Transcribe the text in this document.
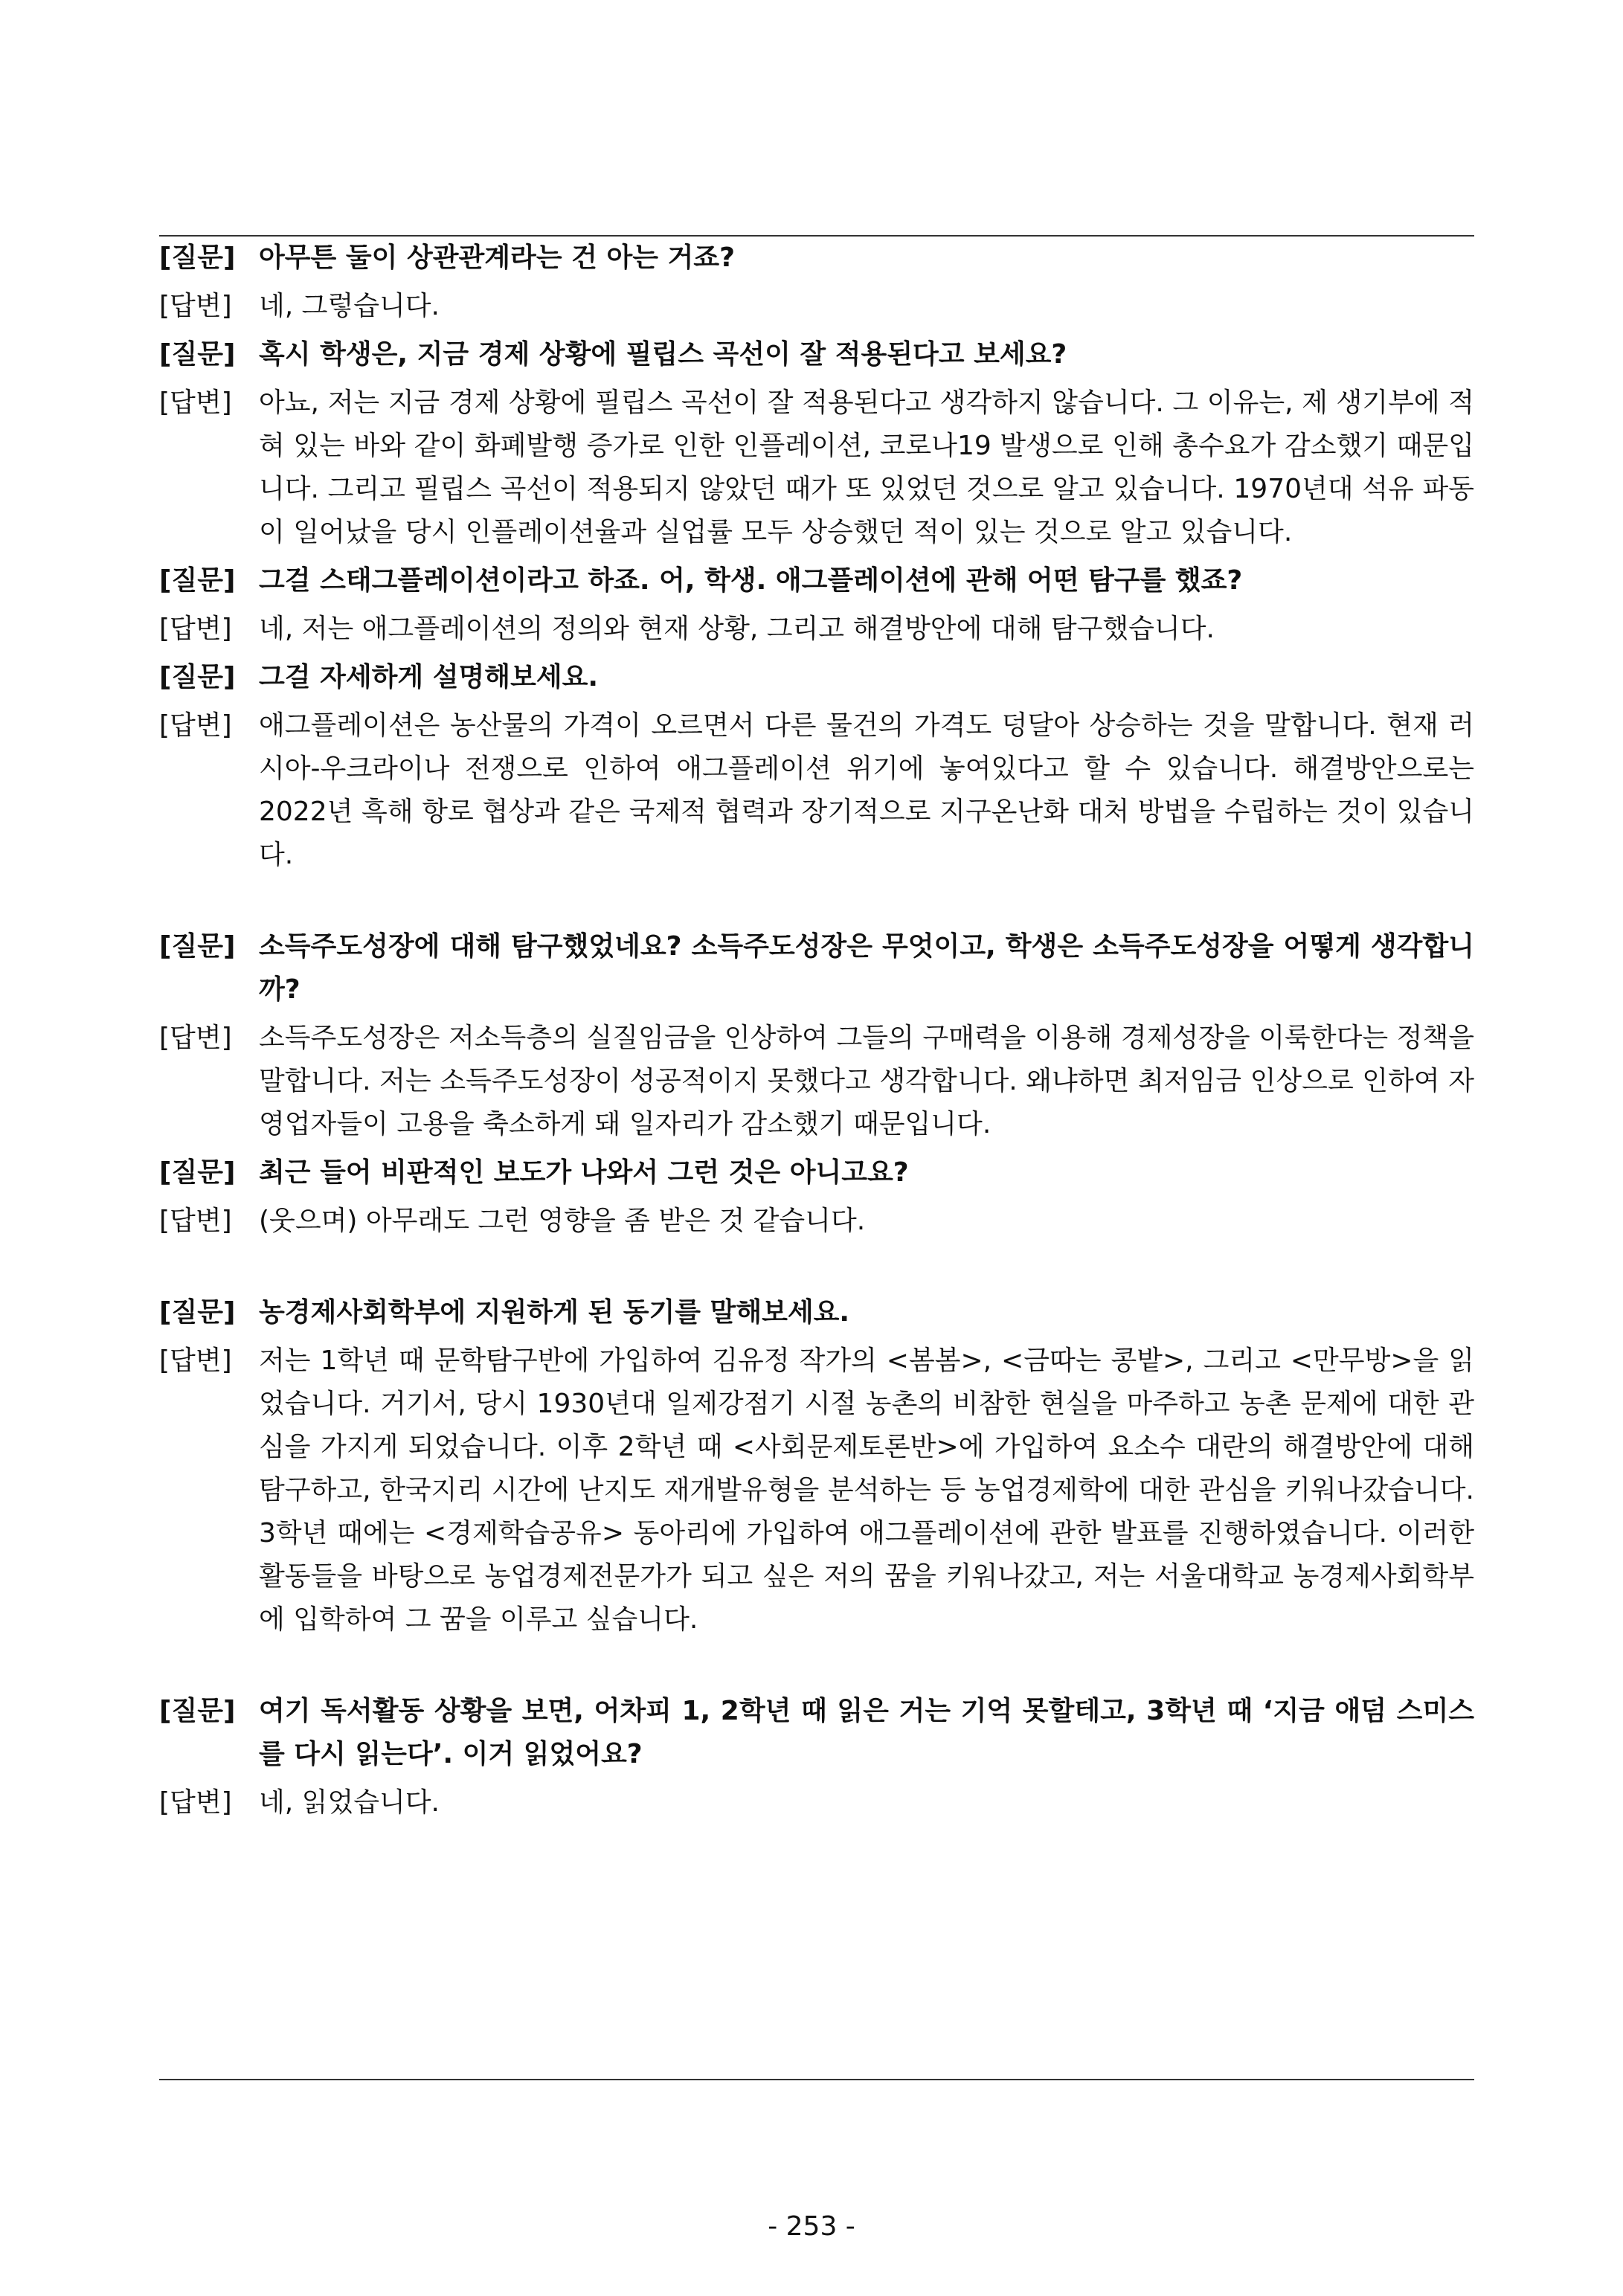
[질문] 아무튼 둘이 상관관계라는 건 아는 거죠?
[답변]	네, 그렇습니다.
[질문] 혹시 학생은, 지금 경제 상황에 필립스 곡선이 잘 적용된다고 보세요?
[답변]	아뇨, 저는 지금 경제 상황에 필립스 곡선이 잘 적용된다고 생각하지 않습니다. 그 이유는, 제 생기부에 적혀 있는 바와 같이 화폐발행 증가로 인한 인플레이션, 코로나19 발생으로 인해 총수요가 감소했기 때문입니다. 그리고 필립스 곡선이 적용되지 않았던 때가 또 있었던 것으로 알고 있습니다. 1970년대 석유 파동이 일어났을 당시 인플레이션율과 실업률 모두 상승했던 적이 있는 것으로 알고 있습니다.
[질문] 그걸 스태그플레이션이라고 하죠. 어, 학생. 애그플레이션에 관해 어떤 탐구를 했죠?
[답변]	네, 저는 애그플레이션의 정의와 현재 상황, 그리고 해결방안에 대해 탐구했습니다.
[질문] 그걸 자세하게 설명해보세요.
[답변]	애그플레이션은 농산물의 가격이 오르면서 다른 물건의 가격도 덩달아 상승하는 것을 말합니다. 현재 러시아-우크라이나 전쟁으로 인하여 애그플레이션 위기에 놓여있다고 할 수 있습니다. 해결방안으로는 2022년 흑해 항로 협상과 같은 국제적 협력과 장기적으로 지구온난화 대처 방법을 수립하는 것이 있습니다.
[질문] 소득주도성장에 대해 탐구했었네요? 소득주도성장은 무엇이고, 학생은 소득주도성장을 어떻게 생각합니까?
[답변]	소득주도성장은 저소득층의 실질임금을 인상하여 그들의 구매력을 이용해 경제성장을 이룩한다는 정책을 말합니다. 저는 소득주도성장이 성공적이지 못했다고 생각합니다. 왜냐하면 최저임금 인상으로 인하여 자영업자들이 고용을 축소하게 돼 일자리가 감소했기 때문입니다.
[질문] 최근 들어 비판적인 보도가 나와서 그런 것은 아니고요?
[답변]	(웃으며) 아무래도 그런 영향을 좀 받은 것 같습니다.
[질문] 농경제사회학부에 지원하게 된 동기를 말해보세요.
[답변]	저는 1학년 때 문학탐구반에 가입하여 김유정 작가의 <봄봄>, <금따는 콩밭>, 그리고 <만무방>을 읽었습니다. 거기서, 당시 1930년대 일제강점기 시절 농촌의 비참한 현실을 마주하고 농촌 문제에 대한 관심을 가지게 되었습니다. 이후 2학년 때 <사회문제토론반>에 가입하여 요소수 대란의 해결방안에 대해 탐구하고, 한국지리 시간에 난지도 재개발유형을 분석하는 등 농업경제학에 대한 관심을 키워나갔습니다. 3학년 때에는 <경제학습공유> 동아리에 가입하여 애그플레이션에 관한 발표를 진행하였습니다. 이러한 활동들을 바탕으로 농업경제전문가가 되고 싶은 저의 꿈을 키워나갔고, 저는 서울대학교 농경제사회학부에 입학하여 그 꿈을 이루고 싶습니다.
[질문] 여기 독서활동 상황을 보면, 어차피 1, 2학년 때 읽은 거는 기억 못할테고, 3학년 때 ‘지금 애덤 스미스를 다시 읽는다’. 이거 읽었어요?
[답변]	네, 읽었습니다.
- 253 -
